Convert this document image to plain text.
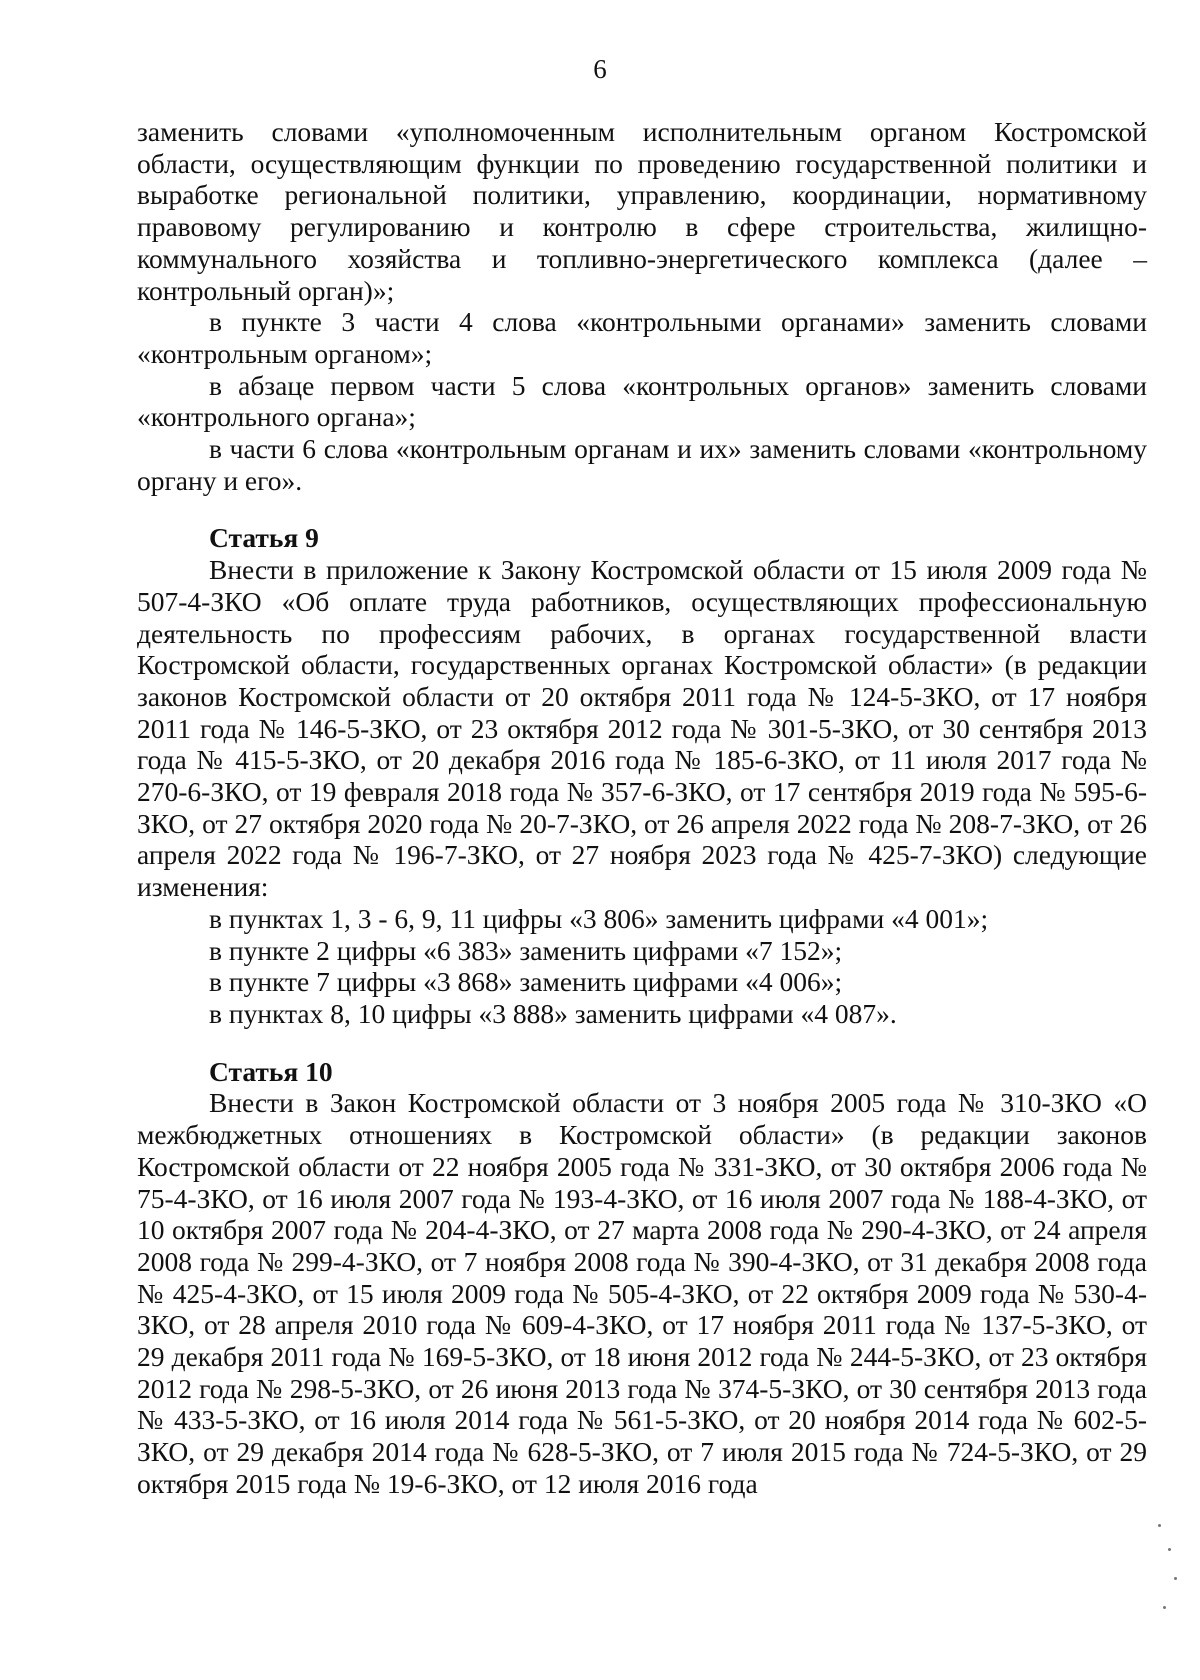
6

заменить словами «уполномоченным исполнительным органом Костромской области, осуществляющим функции по проведению государственной политики и выработке региональной политики, управлению, координации, нормативному правовому регулированию и контролю в сфере строительства, жилищно-коммунального хозяйства и топливно-энергетического комплекса (далее – контрольный орган)»;

в пункте 3 части 4 слова «контрольными органами» заменить словами «контрольным органом»;

в абзаце первом части 5 слова «контрольных органов» заменить словами «контрольного органа»;

в части 6 слова «контрольным органам и их» заменить словами «контрольному органу и его».

Статья 9

Внести в приложение к Закону Костромской области от 15 июля 2009 года № 507-4-ЗКО «Об оплате труда работников, осуществляющих профессиональную деятельность по профессиям рабочих, в органах государственной власти Костромской области, государственных органах Костромской области» (в редакции законов Костромской области от 20 октября 2011 года № 124-5-ЗКО, от 17 ноября 2011 года № 146-5-ЗКО, от 23 октября 2012 года № 301-5-ЗКО, от 30 сентября 2013 года № 415-5-ЗКО, от 20 декабря 2016 года № 185-6-ЗКО, от 11 июля 2017 года № 270-6-ЗКО, от 19 февраля 2018 года № 357-6-ЗКО, от 17 сентября 2019 года № 595-6-ЗКО, от 27 октября 2020 года № 20-7-ЗКО, от 26 апреля 2022 года № 208-7-ЗКО, от 26 апреля 2022 года № 196-7-ЗКО, от 27 ноября 2023 года № 425-7-ЗКО) следующие изменения:

в пунктах 1, 3 - 6, 9, 11 цифры «3 806» заменить цифрами «4 001»;

в пункте 2 цифры «6 383» заменить цифрами «7 152»;

в пункте 7 цифры «3 868» заменить цифрами «4 006»;

в пунктах 8, 10 цифры «3 888» заменить цифрами «4 087».

Статья 10

Внести в Закон Костромской области от 3 ноября 2005 года № 310-ЗКО «О межбюджетных отношениях в Костромской области» (в редакции законов Костромской области от 22 ноября 2005 года № 331-ЗКО, от 30 октября 2006 года № 75-4-ЗКО, от 16 июля 2007 года № 193-4-ЗКО, от 16 июля 2007 года № 188-4-ЗКО, от 10 октября 2007 года № 204-4-ЗКО, от 27 марта 2008 года № 290-4-ЗКО, от 24 апреля 2008 года № 299-4-ЗКО, от 7 ноября 2008 года № 390-4-ЗКО, от 31 декабря 2008 года № 425-4-ЗКО, от 15 июля 2009 года № 505-4-ЗКО, от 22 октября 2009 года № 530-4-ЗКО, от 28 апреля 2010 года № 609-4-ЗКО, от 17 ноября 2011 года № 137-5-ЗКО, от 29 декабря 2011 года № 169-5-ЗКО, от 18 июня 2012 года № 244-5-ЗКО, от 23 октября 2012 года № 298-5-ЗКО, от 26 июня 2013 года № 374-5-ЗКО, от 30 сентября 2013 года № 433-5-ЗКО, от 16 июля 2014 года № 561-5-ЗКО, от 20 ноября 2014 года № 602-5-ЗКО, от 29 декабря 2014 года № 628-5-ЗКО, от 7 июля 2015 года № 724-5-ЗКО, от 29 октября 2015 года № 19-6-ЗКО, от 12 июля 2016 года
